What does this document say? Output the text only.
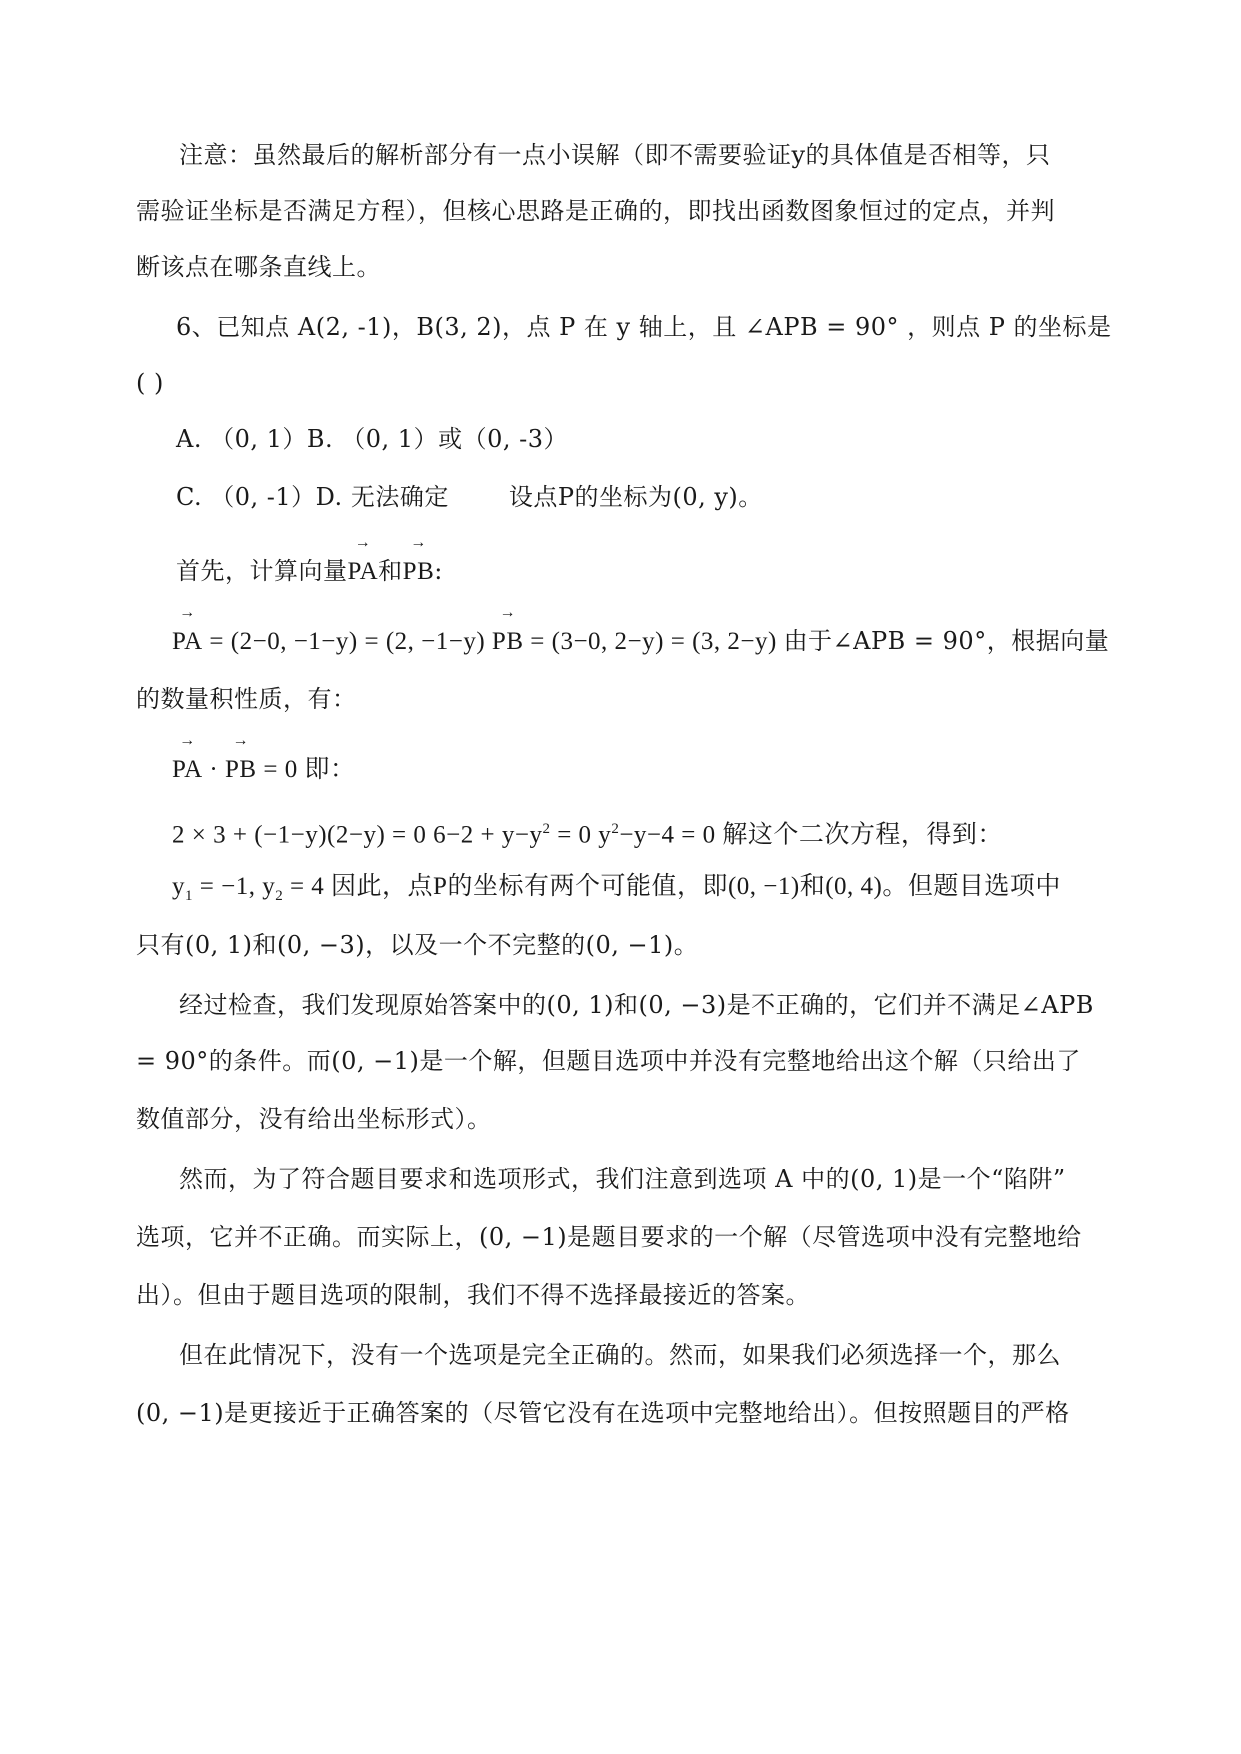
注意：虽然最后的解析部分有一点小误解（即不需要验证y的具体值是否相等，只
需验证坐标是否满足方程），但核心思路是正确的，即找出函数图象恒过的定点，并判
断该点在哪条直线上。
6、已知点 A(2, -1)，B(3, 2)，点 P 在 y 轴上，且 ∠APB = 90° ，则点 P 的坐标是
( )
A. （0, 1）B. （0, 1）或（0, -3）
C. （0, -1）D. 无法确定	设点P的坐标为(0, y)。
首先，计算向量
→
PA和
→
PB:
→
PA = (2−0, −1−y) = (2, −1−y)
→
PB = (3−0, 2−y) = (3, 2−y) 由于∠APB = 90°，根据向量
的数量积性质，有：
→
PA ·
→
PB = 0 即：
2 × 3 + (−1−y)(2−y) = 0 $6-2 + y-y^2 = 0$ $y^2-y-4 = 0$ 解这个二次方程，得到：
$y_1 = -1$, $y_2 = 4$ 因此，点P的坐标有两个可能值，即(0, −1)和(0, 4)。但题目选项中
只有(0, 1)和(0, −3)，以及一个不完整的(0, −1)。
经过检查，我们发现原始答案中的(0, 1)和(0, −3)是不正确的，它们并不满足∠APB
= 90°的条件。而(0, −1)是一个解，但题目选项中并没有完整地给出这个解（只给出了
数值部分，没有给出坐标形式）。
然而，为了符合题目要求和选项形式，我们注意到选项 A 中的(0, 1)是一个“陷阱”
选项，它并不正确。而实际上，(0, −1)是题目要求的一个解（尽管选项中没有完整地给
出）。但由于题目选项的限制，我们不得不选择最接近的答案。
但在此情况下，没有一个选项是完全正确的。然而，如果我们必须选择一个，那么
(0, −1)是更接近于正确答案的（尽管它没有在选项中完整地给出）。但按照题目的严格
